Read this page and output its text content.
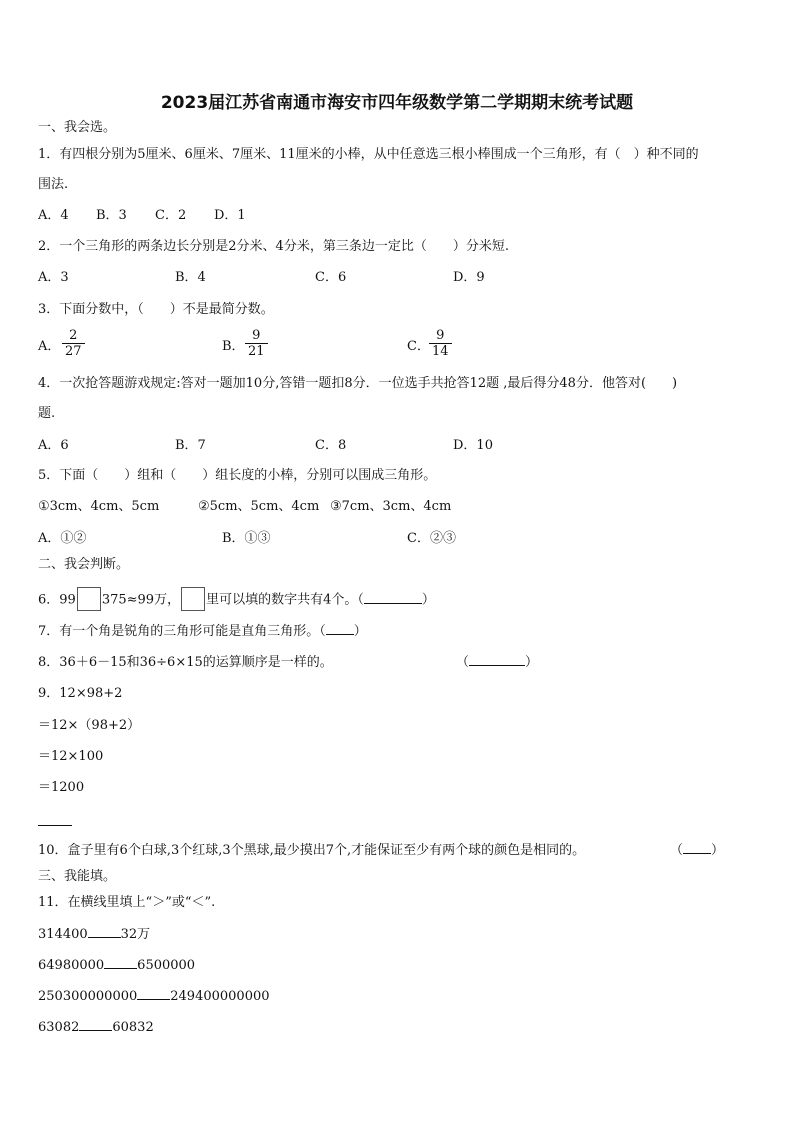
2023届江苏省南通市海安市四年级数学第二学期期末统考试题
一、我会选。
1．有四根分别为5厘米、6厘米、7厘米、11厘米的小棒，从中任意选三根小棒围成一个三角形，有（　）种不同的
围法.
A．4 B．3 C．2 D．1
2．一个三角形的两条边长分别是2分米、4分米，第三条边一定比（　　）分米短.
A．3	B．4	C．6	D．9
3．下面分数中，（　　）不是最简分数。
A． $\frac{2}{27}$	B． $\frac{9}{21}$	C． $\frac{9}{14}$
4．一次抢答题游戏规定:答对一题加10分,答错一题扣8分．一位选手共抢答12题 ,最后得分48分．他答对(　　)
题.
A．6	B．7	C．8	D．10
5．下面（　　）组和（　　）组长度的小棒，分别可以围成三角形。
①3cm、4cm、5cm	②5cm、5cm、4cm ③7cm、3cm、4cm
A．①②	B．①③	C．②③
二、我会判断。
6．99 375≈99万， 里可以填的数字共有4个。（	）
7．有一个角是锐角的三角形可能是直角三角形。（ ）
8．36＋6－15和36÷6×15的运算顺序是一样的。	（	）
9．12×98+2
＝12×（98+2）
＝12×100
＝1200
10．盒子里有6个白球,3个红球,3个黑球,最少摸出7个,才能保证至少有两个球的颜色是相同的。	（ ）
三、我能填。
11．在横线里填上“＞”或“＜”.
314400	32万
64980000	6500000
250300000000	249400000000
63082	60832
